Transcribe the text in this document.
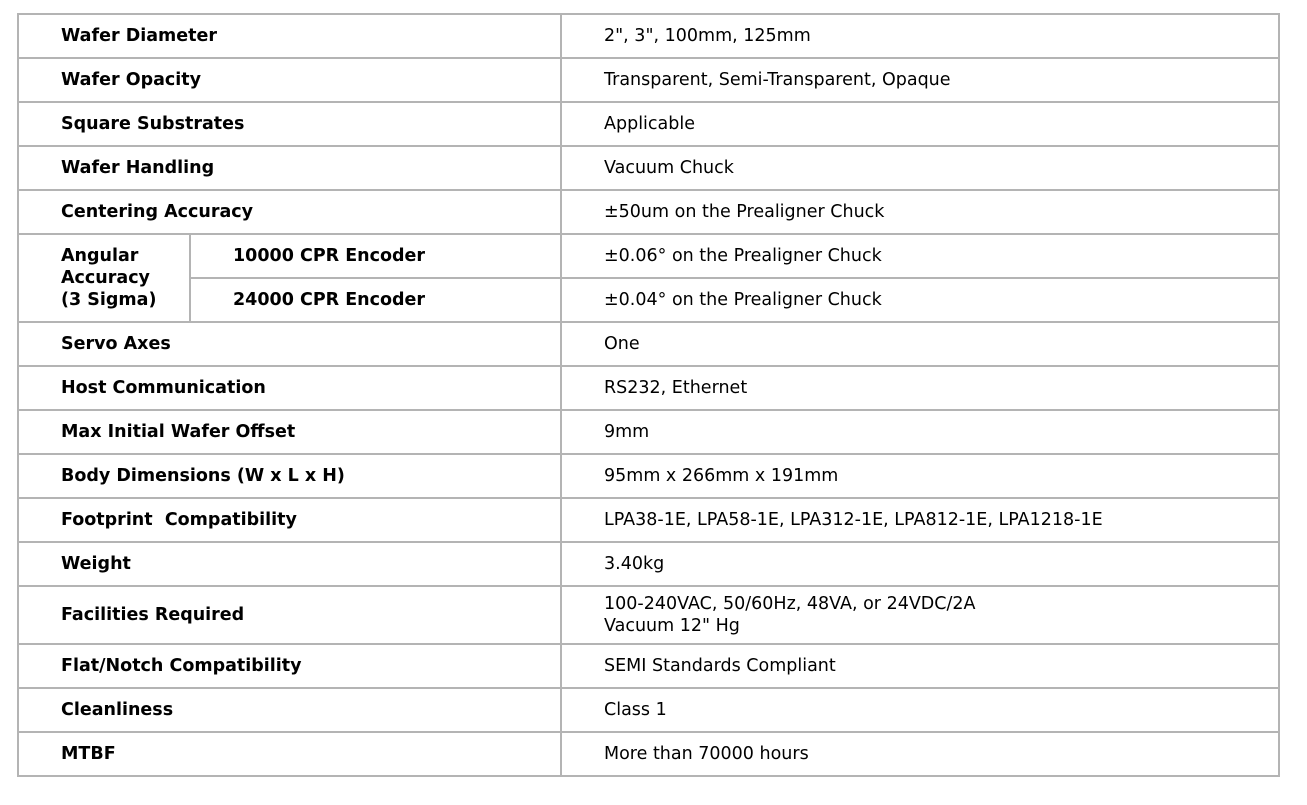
Wafer Diameter		2", 3", 100mm, 125mm
Wafer Opacity		Transparent, Semi-Transparent, Opaque
Square Substrates		Applicable
Wafer Handling		Vacuum Chuck
Centering Accuracy		±50um on the Prealigner Chuck

Angular
Accuracy
(3 Sigma)	10000 CPR Encoder	±0.06° on the Prealigner Chuck
	24000 CPR Encoder	±0.04° on the Prealigner Chuck
Servo Axes		One
Host Communication		RS232, Ethernet
Max Initial Wafer Offset		9mm
Body Dimensions (W x L x H)		95mm x 266mm x 191mm
Footprint  Compatibility		LPA38-1E, LPA58-1E, LPA312-1E, LPA812-1E, LPA1218-1E
Weight		3.40kg
Facilities Required		100-240VAC, 50/60Hz, 48VA, or 24VDC/2A
Vacuum 12" Hg

Flat/Notch Compatibility		SEMI Standards Compliant
Cleanliness		Class 1
MTBF		More than 70000 hours
